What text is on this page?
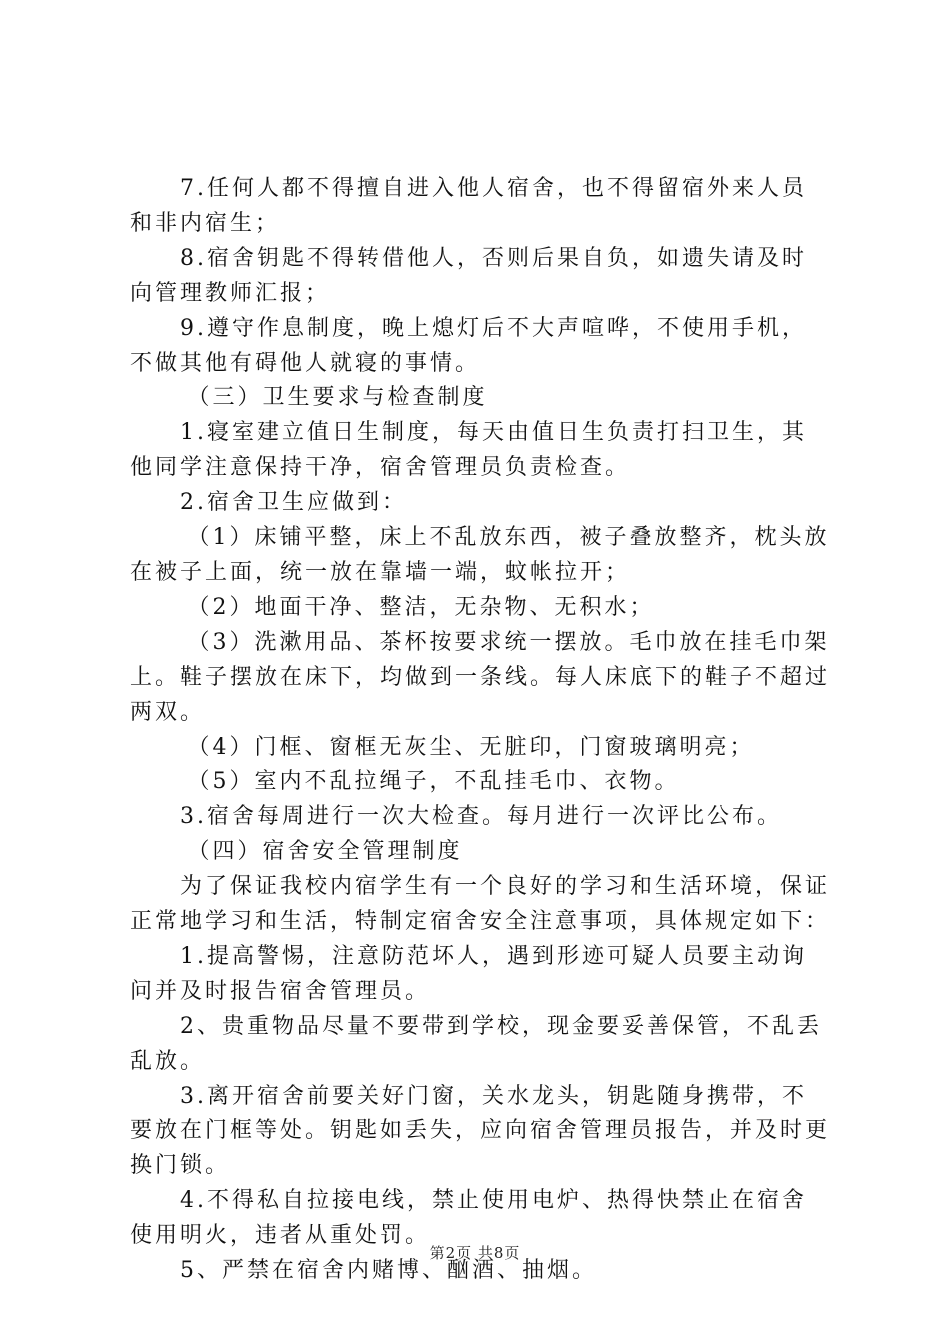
7.任何人都不得擅自进入他人宿舍，也不得留宿外来人员和非内宿生；

8.宿舍钥匙不得转借他人，否则后果自负，如遗失请及时向管理教师汇报；

9.遵守作息制度，晚上熄灯后不大声喧哗，不使用手机，不做其他有碍他人就寝的事情。

（三）卫生要求与检查制度

1.寝室建立值日生制度，每天由值日生负责打扫卫生，其他同学注意保持干净，宿舍管理员负责检查。

2.宿舍卫生应做到：

（1）床铺平整，床上不乱放东西，被子叠放整齐，枕头放在被子上面，统一放在靠墙一端，蚊帐拉开；

（2）地面干净、整洁，无杂物、无积水；

（3）洗漱用品、茶杯按要求统一摆放。毛巾放在挂毛巾架上。鞋子摆放在床下，均做到一条线。每人床底下的鞋子不超过两双。

（4）门框、窗框无灰尘、无脏印，门窗玻璃明亮；

（5）室内不乱拉绳子，不乱挂毛巾、衣物。

3.宿舍每周进行一次大检查。每月进行一次评比公布。

（四）宿舍安全管理制度

为了保证我校内宿学生有一个良好的学习和生活环境，保证正常地学习和生活，特制定宿舍安全注意事项，具体规定如下：

1.提高警惕，注意防范坏人，遇到形迹可疑人员要主动询问并及时报告宿舍管理员。

2、贵重物品尽量不要带到学校，现金要妥善保管，不乱丢乱放。

3.离开宿舍前要关好门窗，关水龙头，钥匙随身携带，不要放在门框等处。钥匙如丢失，应向宿舍管理员报告，并及时更换门锁。

4.不得私自拉接电线，禁止使用电炉、热得快禁止在宿舍使用明火，违者从重处罚。

5、严禁在宿舍内赌博、酗酒、抽烟。

第2页 共8页
